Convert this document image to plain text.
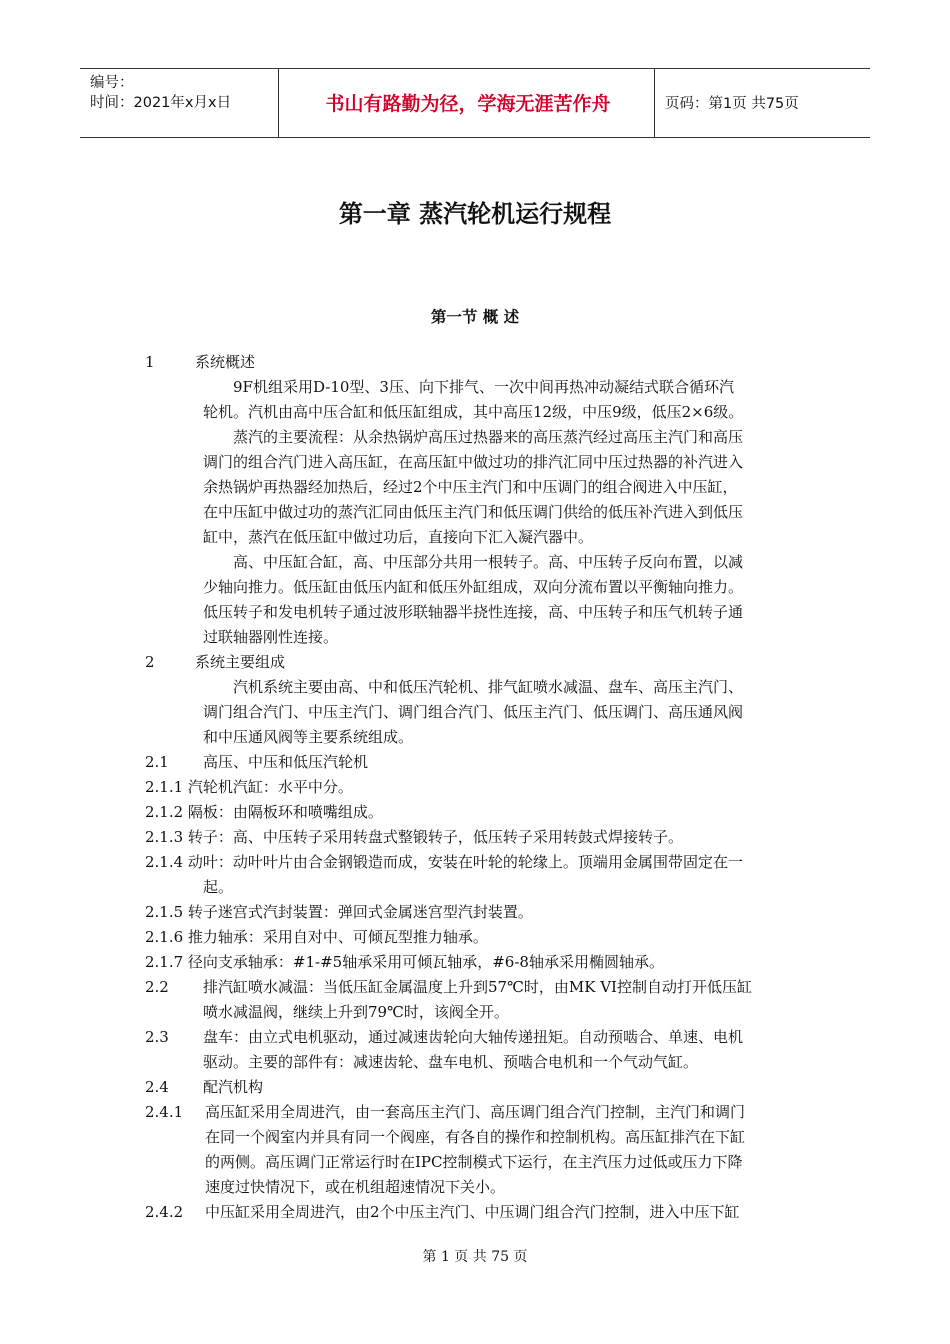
编号：
时间：2021年x月x日	书山有路勤为径，学海无涯苦作舟	页码：第1页 共75页
第一章 蒸汽轮机运行规程
第一节 概 述
1	系统概述
9F机组采用D-10型、3压、向下排气、一次中间再热冲动凝结式联合循环汽
轮机。汽机由高中压合缸和低压缸组成，其中高压12级，中压9级，低压2×6级。
蒸汽的主要流程：从余热锅炉高压过热器来的高压蒸汽经过高压主汽门和高压
调门的组合汽门进入高压缸，在高压缸中做过功的排汽汇同中压过热器的补汽进入
余热锅炉再热器经加热后，经过2个中压主汽门和中压调门的组合阀进入中压缸，
在中压缸中做过功的蒸汽汇同由低压主汽门和低压调门供给的低压补汽进入到低压
缸中，蒸汽在低压缸中做过功后，直接向下汇入凝汽器中。
高、中压缸合缸，高、中压部分共用一根转子。高、中压转子反向布置，以减
少轴向推力。低压缸由低压内缸和低压外缸组成，双向分流布置以平衡轴向推力。
低压转子和发电机转子通过波形联轴器半挠性连接，高、中压转子和压气机转子通
过联轴器刚性连接。
2	系统主要组成
汽机系统主要由高、中和低压汽轮机、排气缸喷水减温、盘车、高压主汽门、
调门组合汽门、中压主汽门、调门组合汽门、低压主汽门、低压调门、高压通风阀
和中压通风阀等主要系统组成。
2.1 高压、中压和低压汽轮机
2.1.1 汽轮机汽缸：水平中分。
2.1.2 隔板：由隔板环和喷嘴组成。
2.1.3 转子：高、中压转子采用转盘式整锻转子，低压转子采用转鼓式焊接转子。
2.1.4 动叶：动叶叶片由合金钢锻造而成，安装在叶轮的轮缘上。顶端用金属围带固定在一
起。
2.1.5 转子迷宫式汽封装置：弹回式金属迷宫型汽封装置。
2.1.6 推力轴承：采用自对中、可倾瓦型推力轴承。
2.1.7 径向支承轴承：#1-#5轴承采用可倾瓦轴承，#6-8轴承采用椭圆轴承。
2.2 排汽缸喷水减温：当低压缸金属温度上升到57℃时，由MK VI控制自动打开低压缸
喷水减温阀，继续上升到79℃时，该阀全开。
2.3 盘车：由立式电机驱动，通过减速齿轮向大轴传递扭矩。自动预啮合、单速、电机
驱动。主要的部件有：减速齿轮、盘车电机、预啮合电机和一个气动气缸。
2.4 配汽机构
2.4.1 高压缸采用全周进汽，由一套高压主汽门、高压调门组合汽门控制，主汽门和调门
在同一个阀室内并具有同一个阀座，有各自的操作和控制机构。高压缸排汽在下缸
的两侧。高压调门正常运行时在IPC控制模式下运行，在主汽压力过低或压力下降
速度过快情况下，或在机组超速情况下关小。
2.4.2 中压缸采用全周进汽，由2个中压主汽门、中压调门组合汽门控制，进入中压下缸
第 1 页 共 75 页
